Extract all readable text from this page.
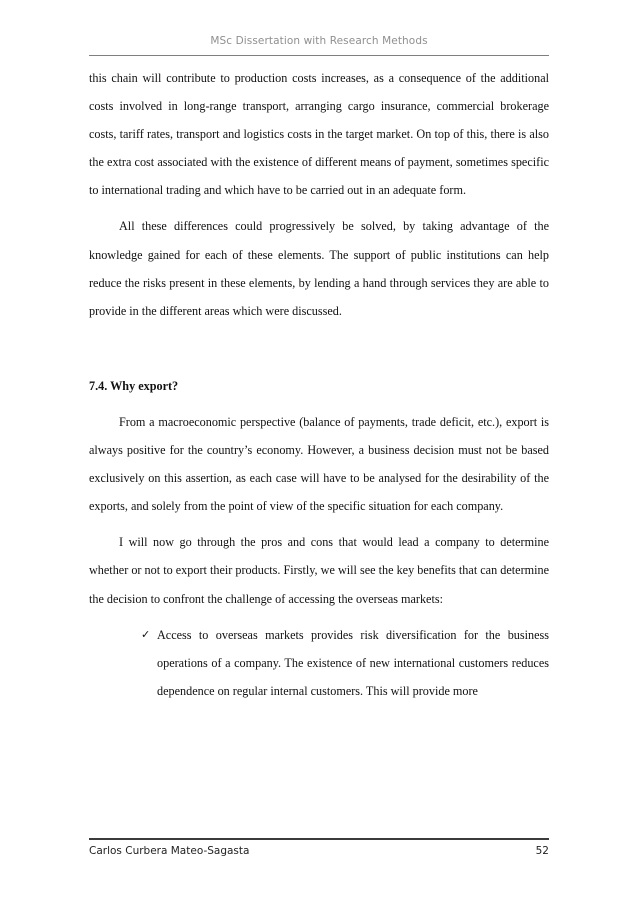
MSc Dissertation with Research Methods

this chain will contribute to production costs increases, as a consequence of the additional costs involved in long-range transport, arranging cargo insurance, commercial brokerage costs, tariff rates, transport and logistics costs in the target market. On top of this, there is also the extra cost associated with the existence of different means of payment, sometimes specific to international trading and which have to be carried out in an adequate form.

All these differences could progressively be solved, by taking advantage of the knowledge gained for each of these elements. The support of public institutions can help reduce the risks present in these elements, by lending a hand through services they are able to provide in the different areas which were discussed.

7.4. Why export?

From a macroeconomic perspective (balance of payments, trade deficit, etc.), export is always positive for the country’s economy. However, a business decision must not be based exclusively on this assertion, as each case will have to be analysed for the desirability of the exports, and solely from the point of view of the specific situation for each company.

I will now go through the pros and cons that would lead a company to determine whether or not to export their products. Firstly, we will see the key benefits that can determine the decision to confront the challenge of accessing the overseas markets:

✓ Access to overseas markets provides risk diversification for the business operations of a company. The existence of new international customers reduces dependence on regular internal customers. This will provide more
Carlos Curbera Mateo-Sagasta	52
